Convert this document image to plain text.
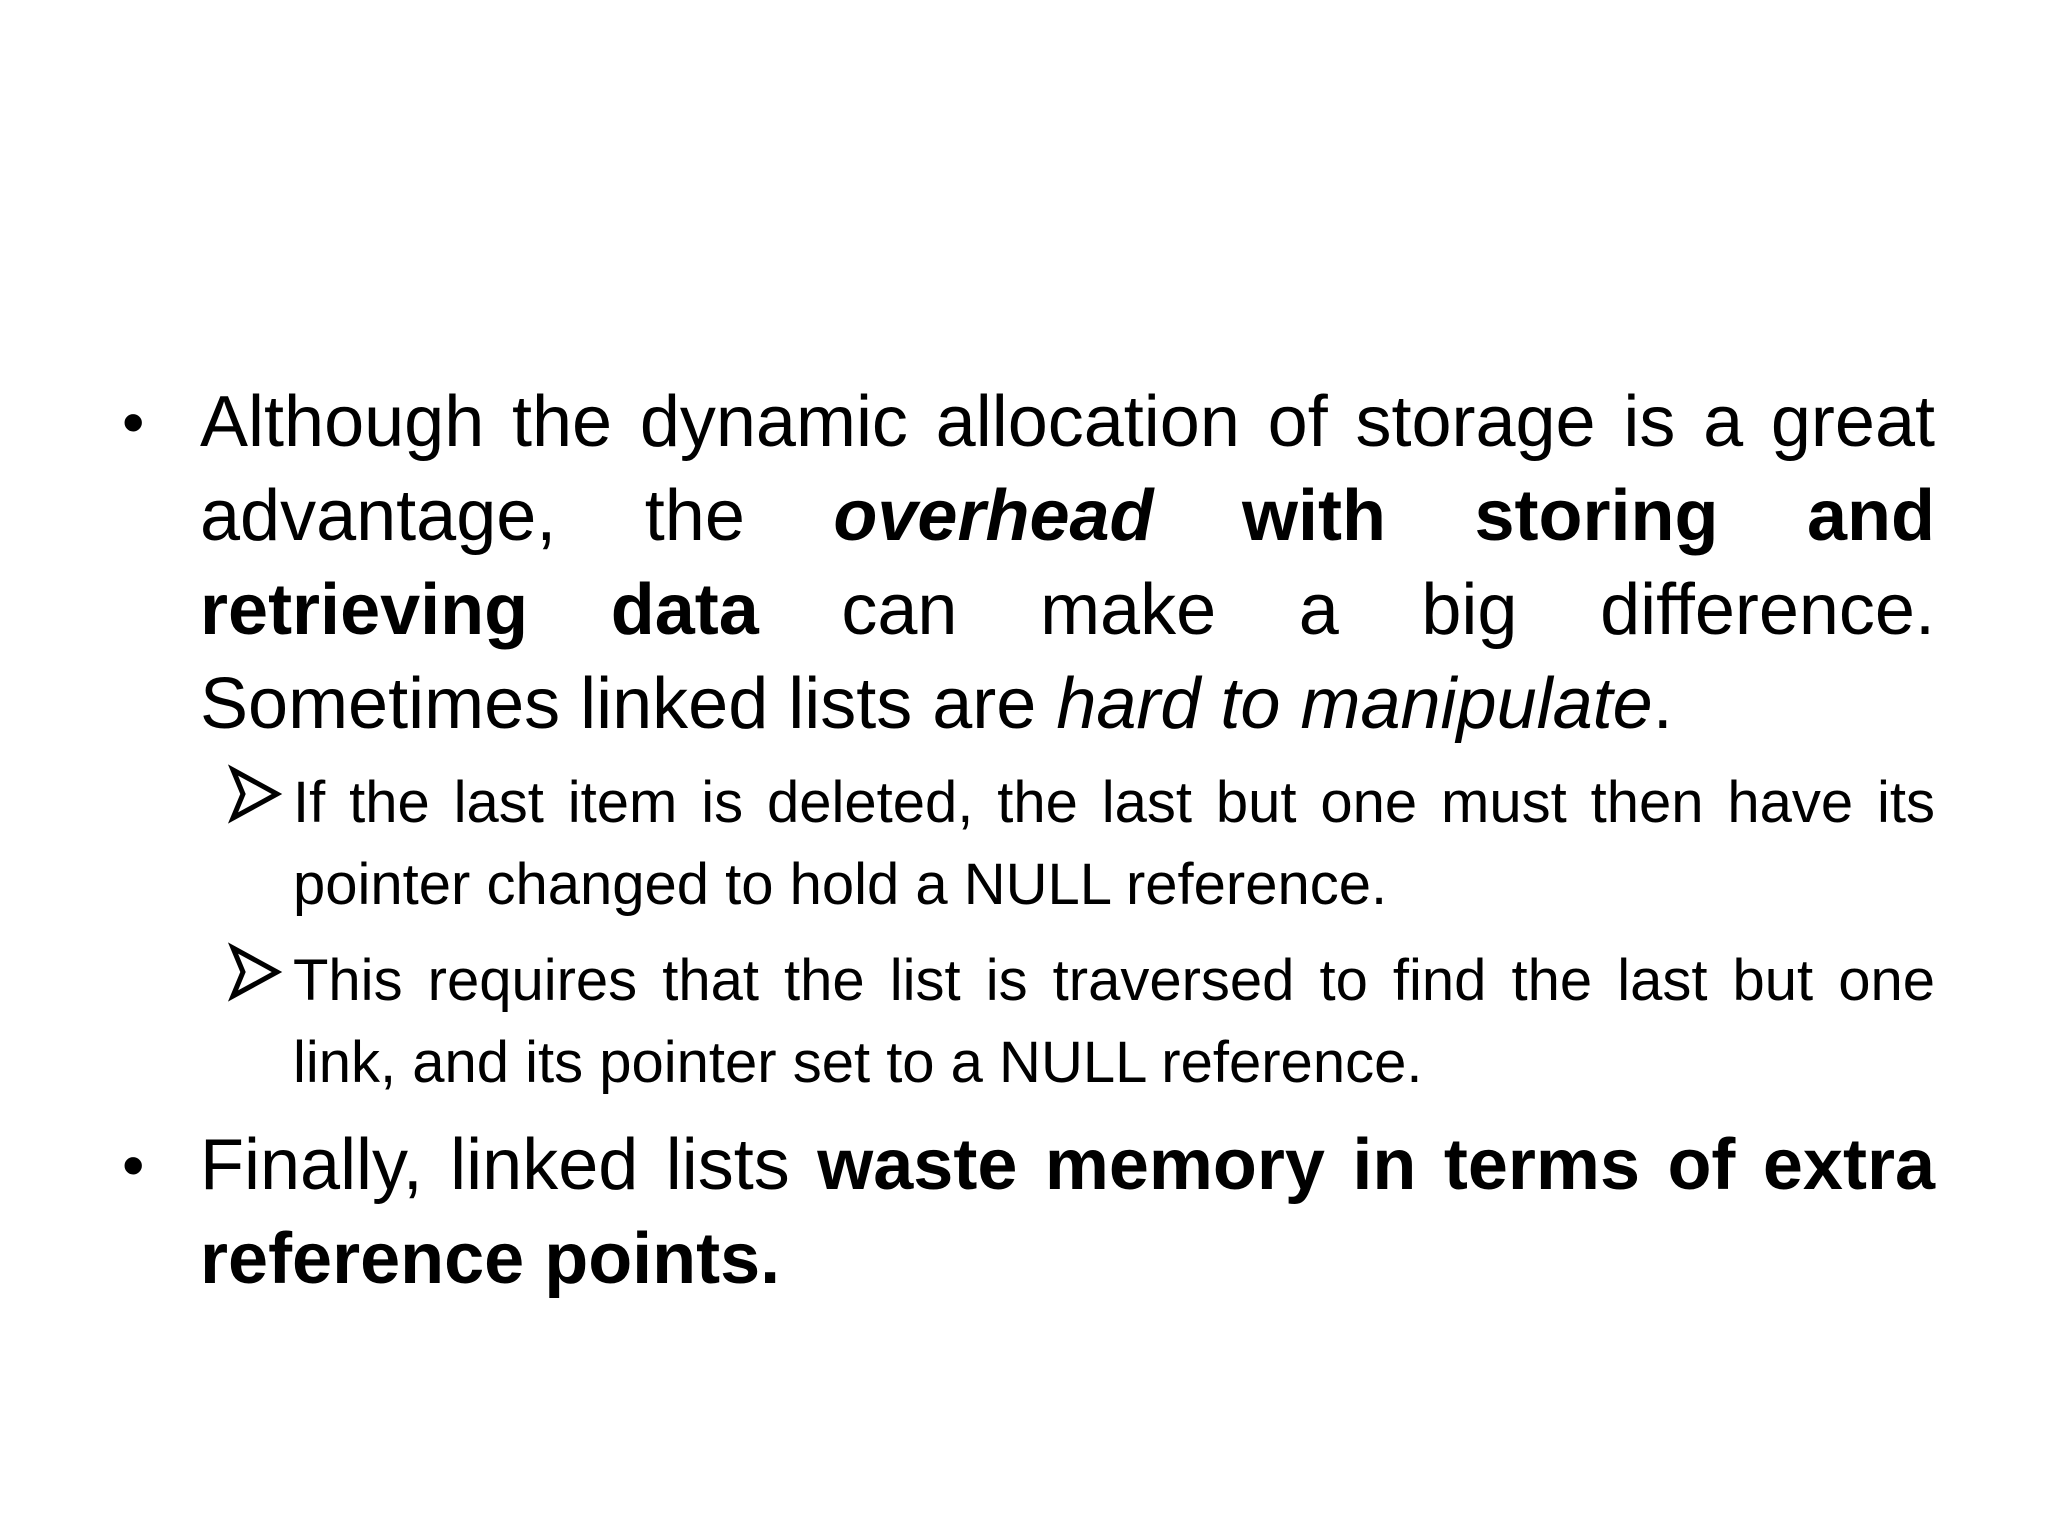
• Although the dynamic allocation of storage is a great advantage, the overhead with storing and retrieving data can make a big difference. Sometimes linked lists are hard to manipulate.
If the last item is deleted, the last but one must then have its pointer changed to hold a NULL reference.
This requires that the list is traversed to find the last but one link, and its pointer set to a NULL reference.
• Finally, linked lists waste memory in terms of extra reference points.
